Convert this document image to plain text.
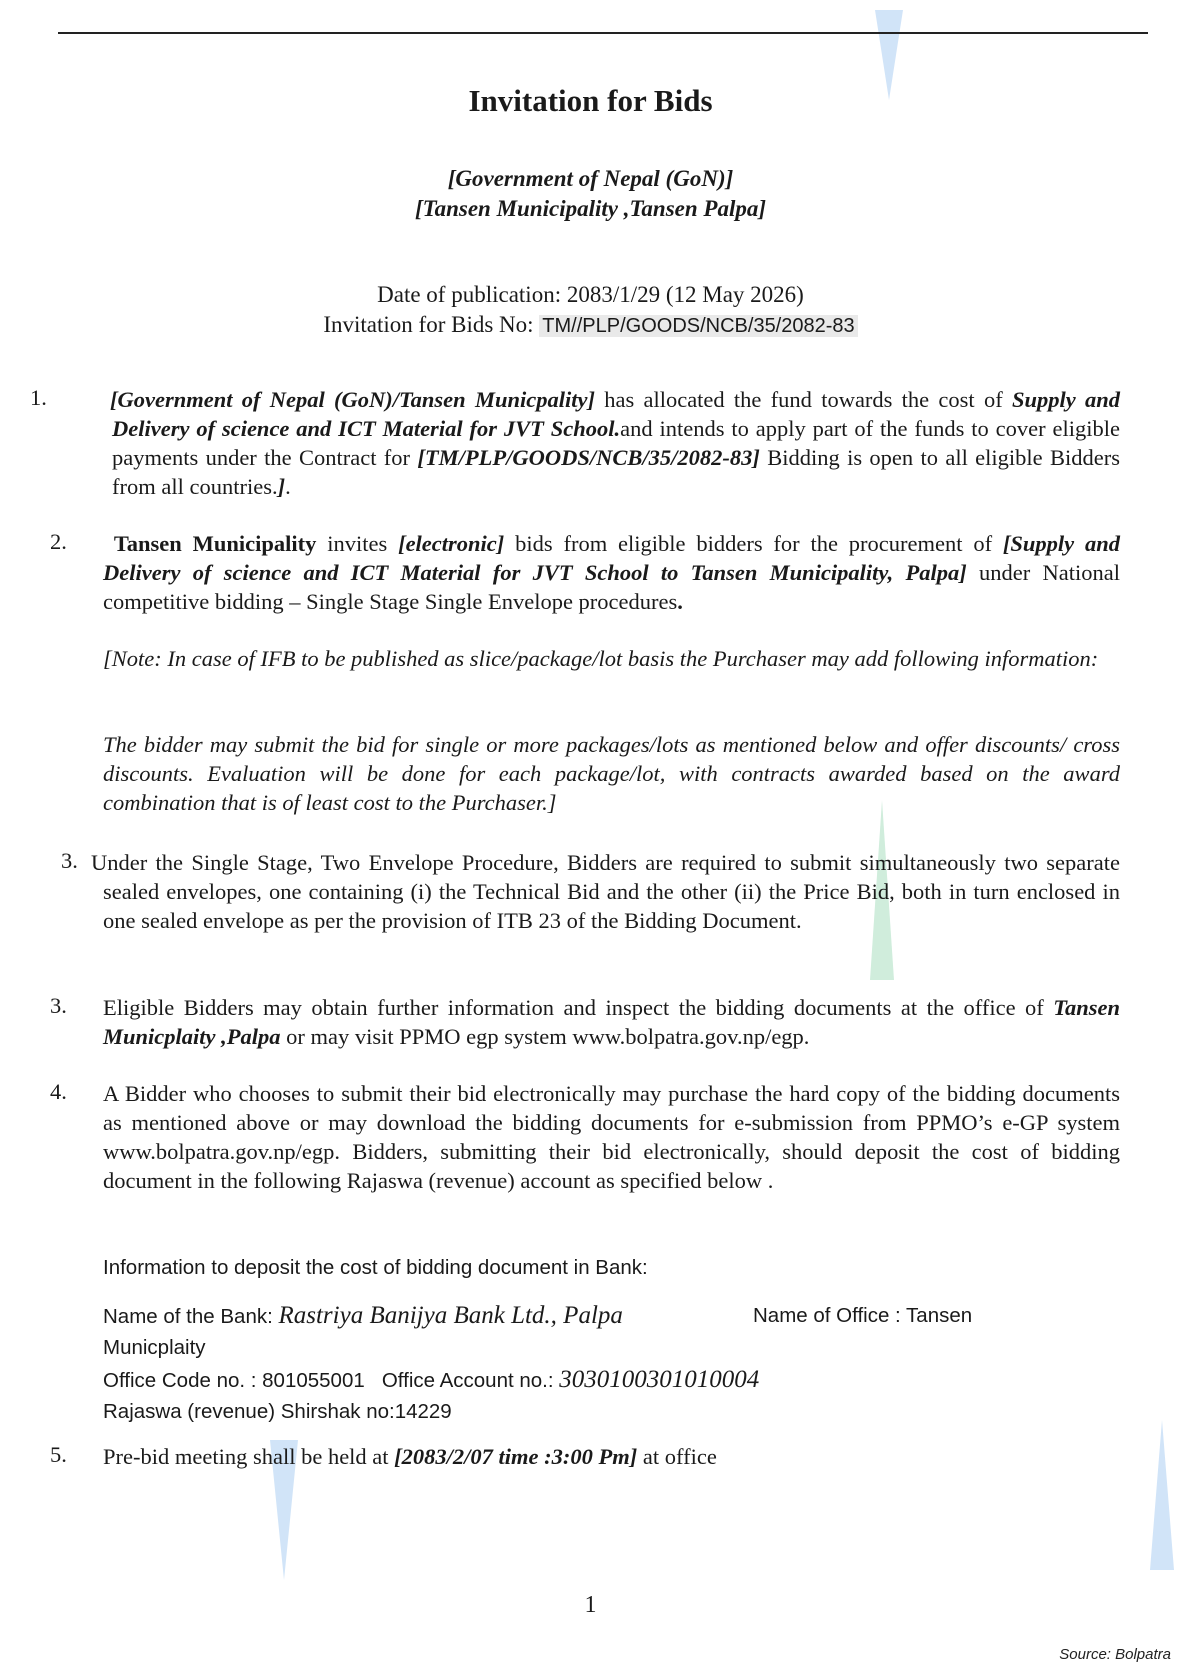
Invitation for Bids
[Government of Nepal (GoN)]
[Tansen Municipality ,Tansen Palpa]
Date of publication: 2083/1/29 (12 May 2026)
Invitation for Bids No: TM//PLP/GOODS/NCB/35/2082-83
1.	[Government of Nepal (GoN)/Tansen Municpality] has allocated the fund towards the cost of Supply and Delivery of science and ICT Material for JVT School.and intends to apply part of the funds to cover eligible payments under the Contract for [TM/PLP/GOODS/NCB/35/2082-83] Bidding is open to all eligible Bidders from all countries.].

2.	Tansen Municipality invites [electronic] bids from eligible bidders for the procurement of [Supply and Delivery of science and ICT Material for JVT School to Tansen Municipality, Palpa] under National competitive bidding – Single Stage Single Envelope procedures.

[Note: In case of IFB to be published as slice/package/lot basis the Purchaser may add following information:
The bidder may submit the bid for single or more packages/lots as mentioned below and offer discounts/ cross discounts. Evaluation will be done for each package/lot, with contracts awarded based on the award combination that is of least cost to the Purchaser.]
3. Under the Single Stage, Two Envelope Procedure, Bidders are required to submit simultaneously two separate sealed envelopes, one containing (i) the Technical Bid and the other (ii) the Price Bid, both in turn enclosed in one sealed envelope as per the provision of ITB 23 of the Bidding Document.

3. Eligible Bidders may obtain further information and inspect the bidding documents at the office of Tansen Municplaity ,Palpa or may visit PPMO egp system www.bolpatra.gov.np/egp.

4. A Bidder who chooses to submit their bid electronically may purchase the hard copy of the bidding documents as mentioned above or may download the bidding documents for e-submission from PPMO’s e-GP system www.bolpatra.gov.np/egp. Bidders, submitting their bid electronically, should deposit the cost of bidding document in the following Rajaswa (revenue) account as specified below .

Information to deposit the cost of bidding document in Bank:
Name of the Bank: Rastriya Banijya Bank Ltd., Palpa	Name of Office : Tansen
Municplaity
Office Code no. : 801055001 Office Account no.: 3030100301010004
Rajaswa (revenue) Shirshak no:14229
5. Pre-bid meeting shall be held at [2083/2/07 time :3:00 Pm] at office

1
Source: Bolpatra
